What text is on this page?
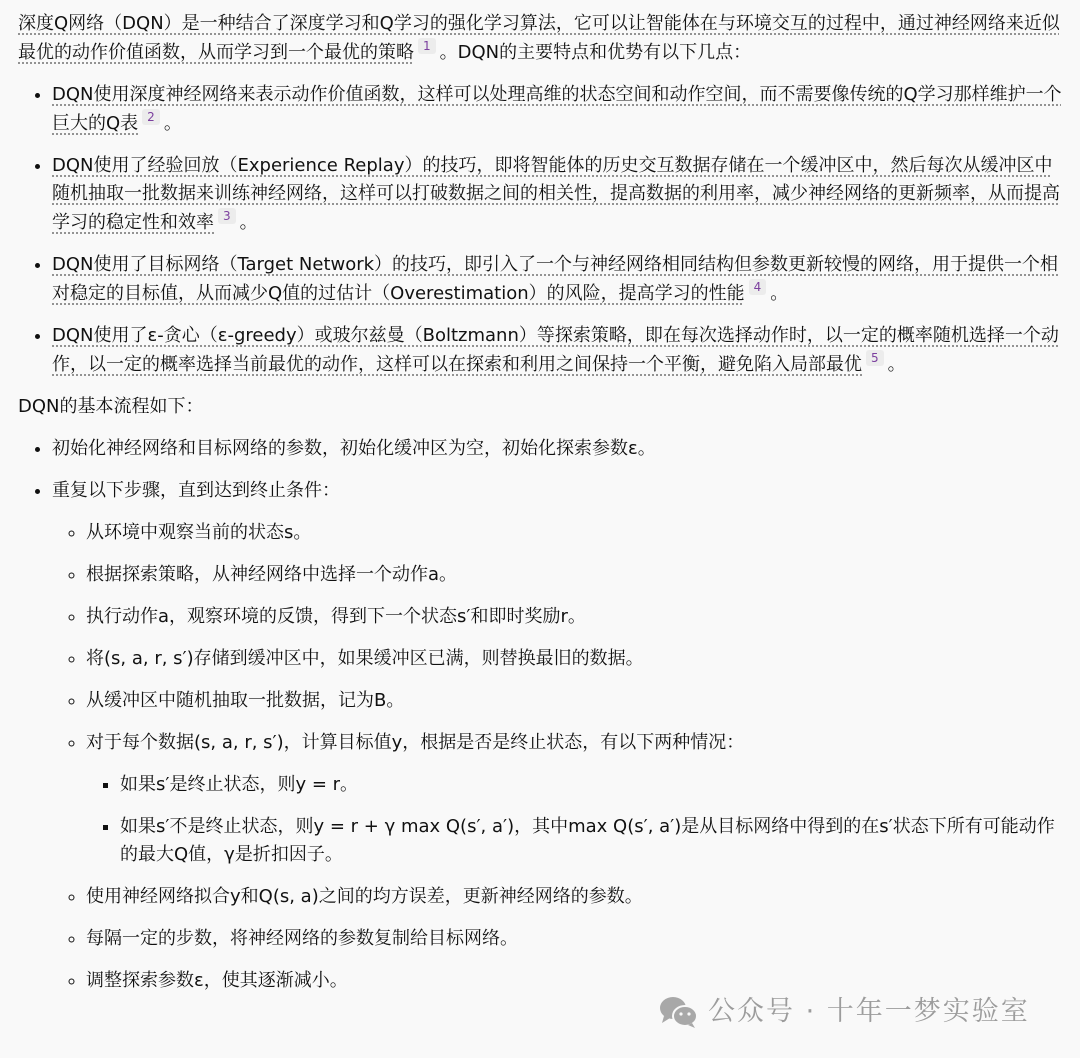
深度Q网络（DQN）是一种结合了深度学习和Q学习的强化学习算法，它可以让智能体在与环境交互的过程中，通过神经网络来近似最优的动作价值函数，从而学习到一个最优的策略 $^1$ 。DQN的主要特点和优势有以下几点：

• DQN使用深度神经网络来表示动作价值函数，这样可以处理高维的状态空间和动作空间，而不需要像传统的Q学习那样维护一个巨大的Q表 $^2$ 。
• DQN使用了经验回放（Experience Replay）的技巧，即将智能体的历史交互数据存储在一个缓冲区中，然后每次从缓冲区中随机抽取一批数据来训练神经网络，这样可以打破数据之间的相关性，提高数据的利用率，减少神经网络的更新频率，从而提高学习的稳定性和效率 $^3$ 。
• DQN使用了目标网络（Target Network）的技巧，即引入了一个与神经网络相同结构但参数更新较慢的网络，用于提供一个相对稳定的目标值，从而减少Q值的过估计（Overestimation）的风险，提高学习的性能 $^4$ 。
• DQN使用了ε-贪心（ε-greedy）或玻尔兹曼（Boltzmann）等探索策略，即在每次选择动作时，以一定的概率随机选择一个动作，以一定的概率选择当前最优的动作，这样可以在探索和利用之间保持一个平衡，避免陷入局部最优 $^5$ 。

DQN的基本流程如下：

• 初始化神经网络和目标网络的参数，初始化缓冲区为空，初始化探索参数ε。
• 重复以下步骤，直到达到终止条件：
◦ 从环境中观察当前的状态s。
◦ 根据探索策略，从神经网络中选择一个动作a。
◦ 执行动作a，观察环境的反馈，得到下一个状态s′和即时奖励r。
◦ 将(s, a, r, s′)存储到缓冲区中，如果缓冲区已满，则替换最旧的数据。
◦ 从缓冲区中随机抽取一批数据，记为B。
◦ 对于每个数据(s, a, r, s′)，计算目标值y，根据是否是终止状态，有以下两种情况：
▪ 如果s′是终止状态，则y = r。
▪ 如果s′不是终止状态，则y = r + γ max Q(s′, a′)，其中max Q(s′, a′)是从目标网络中得到的在s′状态下所有可能动作的最大Q值，γ是折扣因子。
◦ 使用神经网络拟合y和Q(s, a)之间的均方误差，更新神经网络的参数。
◦ 每隔一定的步数，将神经网络的参数复制给目标网络。
◦ 调整探索参数ε，使其逐渐减小。
公众号 · 十年一梦实验室
